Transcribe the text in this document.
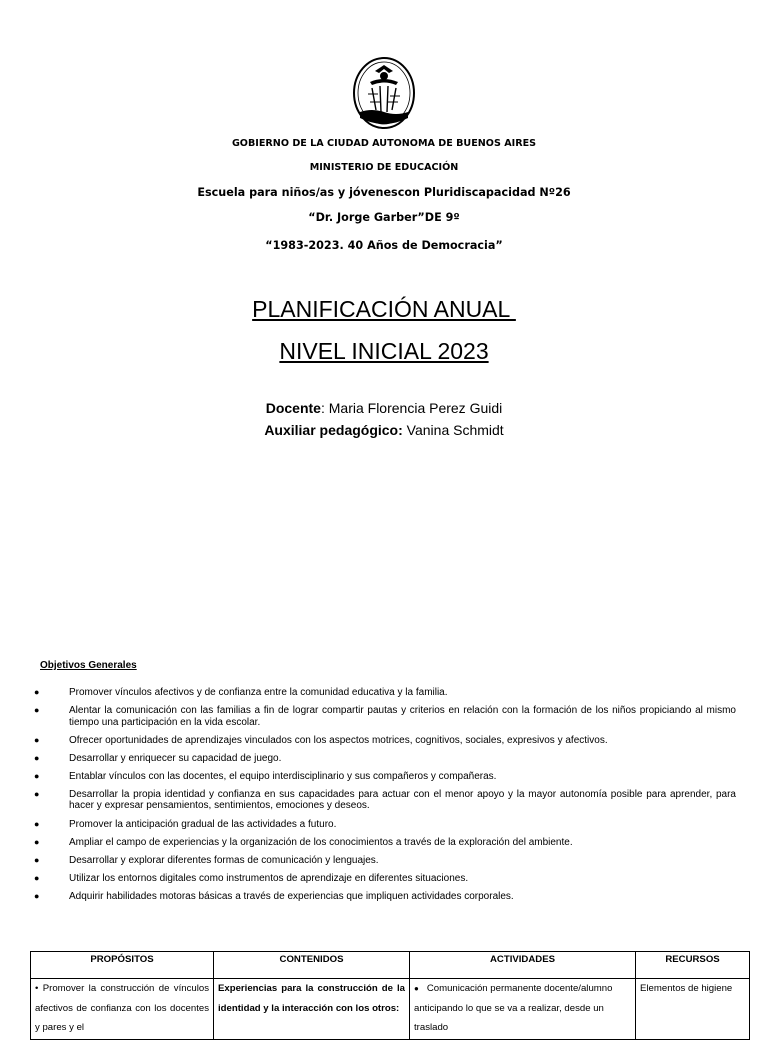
GOBIERNO DE LA CIUDAD AUTONOMA DE BUENOS AIRES
MINISTERIO DE EDUCACIÓN
Escuela para niños/as y jóvenescon Pluridiscapacidad Nº26
“Dr. Jorge Garber”DE 9º
“1983-2023. 40 Años de Democracia”
PLANIFICACIÓN ANUAL
NIVEL INICIAL 2023
Docente: Maria Florencia Perez Guidi
Auxiliar pedagógico: Vanina Schmidt
Objetivos Generales
●	Promover vínculos afectivos y de confianza entre la comunidad educativa y la familia.
●	Alentar la comunicación con las familias a fin de lograr compartir pautas y criterios en relación con la formación de los niños propiciando al mismo tiempo una participación en la vida escolar.
●	Ofrecer oportunidades de aprendizajes vinculados con los aspectos motrices, cognitivos, sociales, expresivos y afectivos.
●	Desarrollar y enriquecer su capacidad de juego.
●	Entablar vínculos con las docentes, el equipo interdisciplinario y sus compañeros y compañeras.
●	Desarrollar la propia identidad y confianza en sus capacidades para actuar con el menor apoyo y la mayor autonomía posible para aprender, para hacer y expresar pensamientos, sentimientos, emociones y deseos.
●	Promover la anticipación gradual de las actividades a futuro.
●	Ampliar el campo de experiencias y la organización de los conocimientos a través de la exploración del ambiente.
●	Desarrollar y explorar diferentes formas de comunicación y lenguajes.
●	Utilizar los entornos digitales como instrumentos de aprendizaje en diferentes situaciones.
●	Adquirir habilidades motoras básicas a través de experiencias que impliquen actividades corporales.
PROPÓSITOS	CONTENIDOS	ACTIVIDADES	RECURSOS
• Promover la construcción de vínculos afectivos de confianza con los docentes y pares y el	Experiencias para la construcción de la identidad y la interacción con los otros:	● Comunicación permanente docente/alumno anticipando lo que se va a realizar, desde un traslado	Elementos de higiene
